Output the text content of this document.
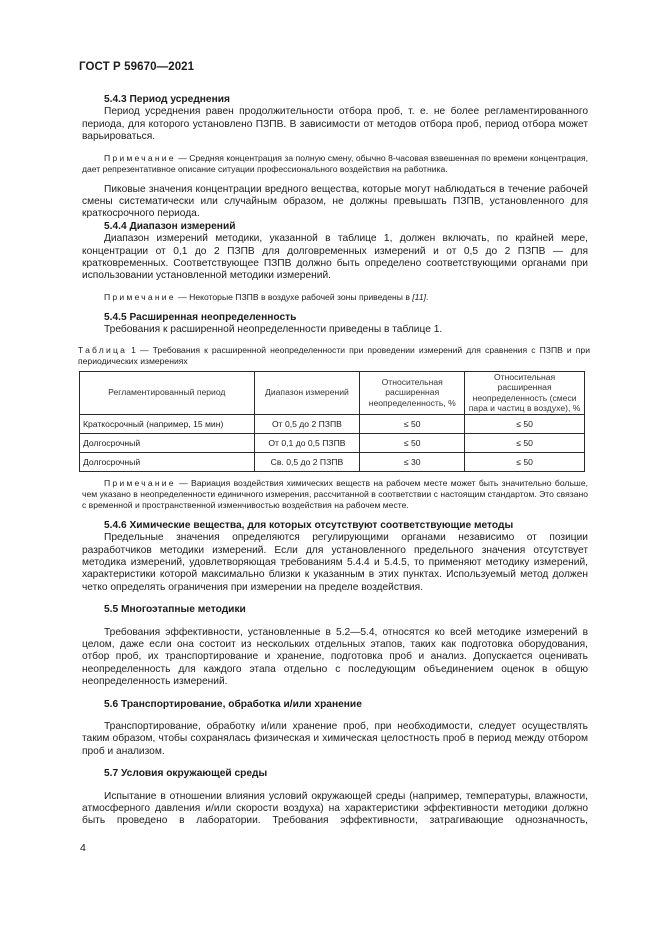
ГОСТ Р 59670—2021

5.4.3 Период усреднения

Период усреднения равен продолжительности отбора проб, т. е. не более регламентированного периода, для которого установлено ПЗПВ. В зависимости от методов отбора проб, период отбора может варьироваться.

Примечание — Средняя концентрация за полную смену, обычно 8-часовая взвешенная по времени концентрация, дает репрезентативное описание ситуации профессионального воздействия на работника.

Пиковые значения концентрации вредного вещества, которые могут наблюдаться в течение рабочей смены систематически или случайным образом, не должны превышать ПЗПВ, установленного для краткосрочного периода.

5.4.4 Диапазон измерений

Диапазон измерений методики, указанной в таблице 1, должен включать, по крайней мере, концентрации от 0,1 до 2 ПЗПВ для долговременных измерений и от 0,5 до 2 ПЗПВ — для кратковременных. Соответствующее ПЗПВ должно быть определено соответствующими органами при использовании установленной методики измерений.

Примечание — Некоторые ПЗПВ в воздухе рабочей зоны приведены в [11].

5.4.5 Расширенная неопределенность

Требования к расширенной неопределенности приведены в таблице 1.

Таблица 1 — Требования к расширенной неопределенности при проведении измерений для сравнения с ПЗПВ и при периодических измерениях

Регламентированный период	Диапазон измерений	Относительная расширенная неопределенность, %	Относительная расширенная неопределенность (смеси пара и частиц в воздухе), %
Краткосрочный (например, 15 мин)	От 0,5 до 2 ПЗПВ	≤ 50	≤ 50
Долгосрочный	От 0,1 до 0,5 ПЗПВ	≤ 50	≤ 50
Долгосрочный	Св. 0,5 до 2 ПЗПВ	≤ 30	≤ 50

Примечание — Вариация воздействия химических веществ на рабочем месте может быть значительно больше, чем указано в неопределенности единичного измерения, рассчитанной в соответствии с настоящим стандартом. Это связано с временной и пространственной изменчивостью воздействия на рабочем месте.

5.4.6 Химические вещества, для которых отсутствуют соответствующие методы

Предельные значения определяются регулирующими органами независимо от позиции разработчиков методики измерений. Если для установленного предельного значения отсутствует методика измерений, удовлетворяющая требованиям 5.4.4 и 5.4.5, то применяют методику измерений, характеристики которой максимально близки к указанным в этих пунктах. Используемый метод должен четко определять ограничения при измерении на пределе воздействия.

5.5 Многоэтапные методики

Требования эффективности, установленные в 5.2—5.4, относятся ко всей методике измерений в целом, даже если она состоит из нескольких отдельных этапов, таких как подготовка оборудования, отбор проб, их транспортирование и хранение, подготовка проб и анализ. Допускается оценивать неопределенность для каждого этапа отдельно с последующим объединением оценок в общую неопределенность измерений.

5.6 Транспортирование, обработка и/или хранение

Транспортирование, обработку и/или хранение проб, при необходимости, следует осуществлять таким образом, чтобы сохранялась физическая и химическая целостность проб в период между отбором проб и анализом.

5.7 Условия окружающей среды

Испытание в отношении влияния условий окружающей среды (например, температуры, влажности, атмосферного давления и/или скорости воздуха) на характеристики эффективности методики должно быть проведено в лаборатории. Требования эффективности, затрагивающие однозначность,

4
